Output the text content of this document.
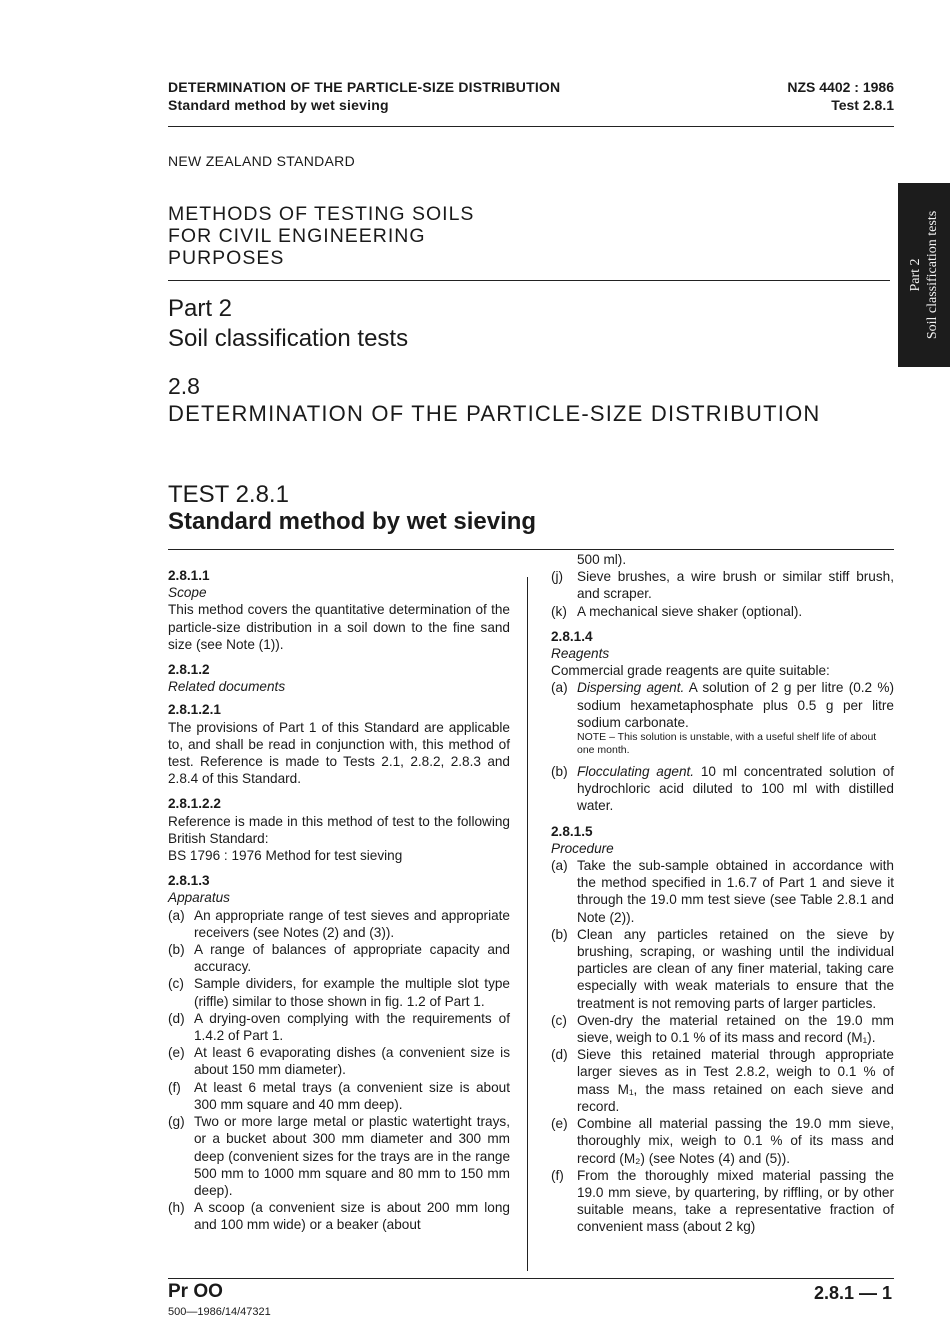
DETERMINATION OF THE PARTICLE-SIZE DISTRIBUTION
Standard method by wet sieving
NZS 4402 : 1986
Test 2.8.1
NEW ZEALAND STANDARD
METHODS OF TESTING SOILS
FOR CIVIL ENGINEERING
PURPOSES
Part 2
Soil classification tests
2.8
DETERMINATION OF THE PARTICLE-SIZE DISTRIBUTION
TEST 2.8.1
Standard method by wet sieving
Part 2 Soil classification tests
2.8.1.1
Scope
This method covers the quantitative determination of the particle-size distribution in a soil down to the fine sand size (see Note (1)).
2.8.1.2
Related documents
2.8.1.2.1
The provisions of Part 1 of this Standard are applicable to, and shall be read in conjunction with, this method of test. Reference is made to Tests 2.1, 2.8.2, 2.8.3 and 2.8.4 of this Standard.
2.8.1.2.2
Reference is made in this method of test to the following British Standard:
BS 1796 : 1976 Method for test sieving
2.8.1.3
Apparatus
(a) An appropriate range of test sieves and appropriate receivers (see Notes (2) and (3)).
(b) A range of balances of appropriate capacity and accuracy.
(c) Sample dividers, for example the multiple slot type (riffle) similar to those shown in fig. 1.2 of Part 1.
(d) A drying-oven complying with the requirements of 1.4.2 of Part 1.
(e) At least 6 evaporating dishes (a convenient size is about 150 mm diameter).
(f) At least 6 metal trays (a convenient size is about 300 mm square and 40 mm deep).
(g) Two or more large metal or plastic watertight trays, or a bucket about 300 mm diameter and 300 mm deep (convenient sizes for the trays are in the range 500 mm to 1000 mm square and 80 mm to 150 mm deep).
(h) A scoop (a convenient size is about 200 mm long and 100 mm wide) or a beaker (about
500 ml).
(j) Sieve brushes, a wire brush or similar stiff brush, and scraper.
(k) A mechanical sieve shaker (optional).
2.8.1.4
Reagents
Commercial grade reagents are quite suitable:
(a) Dispersing agent. A solution of 2 g per litre (0.2 %) sodium hexametaphosphate plus 0.5 g per litre sodium carbonate.
NOTE – This solution is unstable, with a useful shelf life of about one month.
(b) Flocculating agent. 10 ml concentrated solution of hydrochloric acid diluted to 100 ml with distilled water.
2.8.1.5
Procedure
(a) Take the sub-sample obtained in accordance with the method specified in 1.6.7 of Part 1 and sieve it through the 19.0 mm test sieve (see Table 2.8.1 and Note (2)).
(b) Clean any particles retained on the sieve by brushing, scraping, or washing until the individual particles are clean of any finer material, taking care especially with weak materials to ensure that the treatment is not removing parts of larger particles.
(c) Oven-dry the material retained on the 19.0 mm sieve, weigh to 0.1 % of its mass and record (M₁).
(d) Sieve this retained material through appropriate larger sieves as in Test 2.8.2, weigh to 0.1 % of mass M₁, the mass retained on each sieve and record.
(e) Combine all material passing the 19.0 mm sieve, thoroughly mix, weigh to 0.1 % of its mass and record (M₂) (see Notes (4) and (5)).
(f) From the thoroughly mixed material passing the 19.0 mm sieve, by quartering, by riffling, or by other suitable means, take a representative fraction of convenient mass (about 2 kg)
Pr OO
500—1986/14/47321
2.8.1 — 1
